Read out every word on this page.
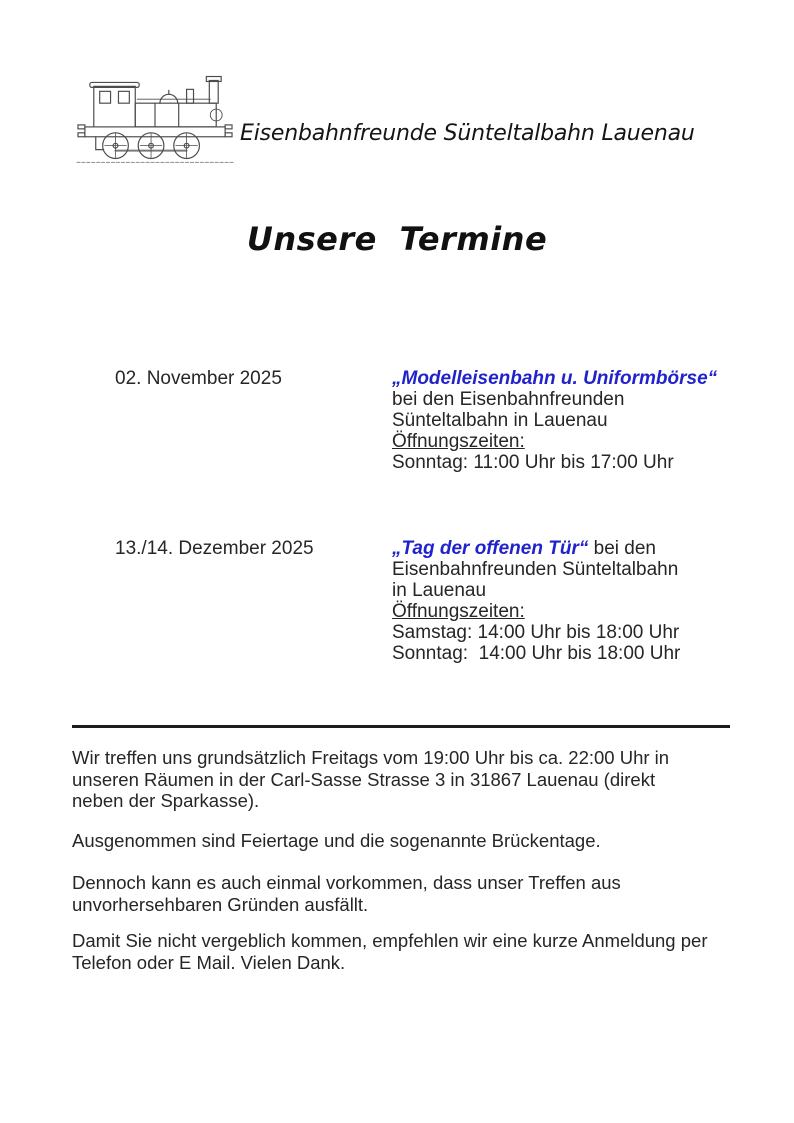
Eisenbahnfreunde Sünteltalbahn Lauenau
Unsere Termine
02. November 2025	„Modelleisenbahn u. Uniformbörse“
bei den Eisenbahnfreunden
Sünteltalbahn in Lauenau
Öffnungszeiten:
Sonntag: 11:00 Uhr bis 17:00 Uhr
13./14. Dezember 2025	„Tag der offenen Tür“ bei den
Eisenbahnfreunden Sünteltalbahn
in Lauenau
Öffnungszeiten:
Samstag: 14:00 Uhr bis 18:00 Uhr
Sonntag:  14:00 Uhr bis 18:00 Uhr
Wir treffen uns grundsätzlich Freitags vom 19:00 Uhr bis ca. 22:00 Uhr in
unseren Räumen in der Carl-Sasse Strasse 3 in 31867 Lauenau (direkt
neben der Sparkasse).
Ausgenommen sind Feiertage und die sogenannte Brückentage.
Dennoch kann es auch einmal vorkommen, dass unser Treffen aus
unvorhersehbaren Gründen ausfällt.
Damit Sie nicht vergeblich kommen, empfehlen wir eine kurze Anmeldung per
Telefon oder E Mail. Vielen Dank.
